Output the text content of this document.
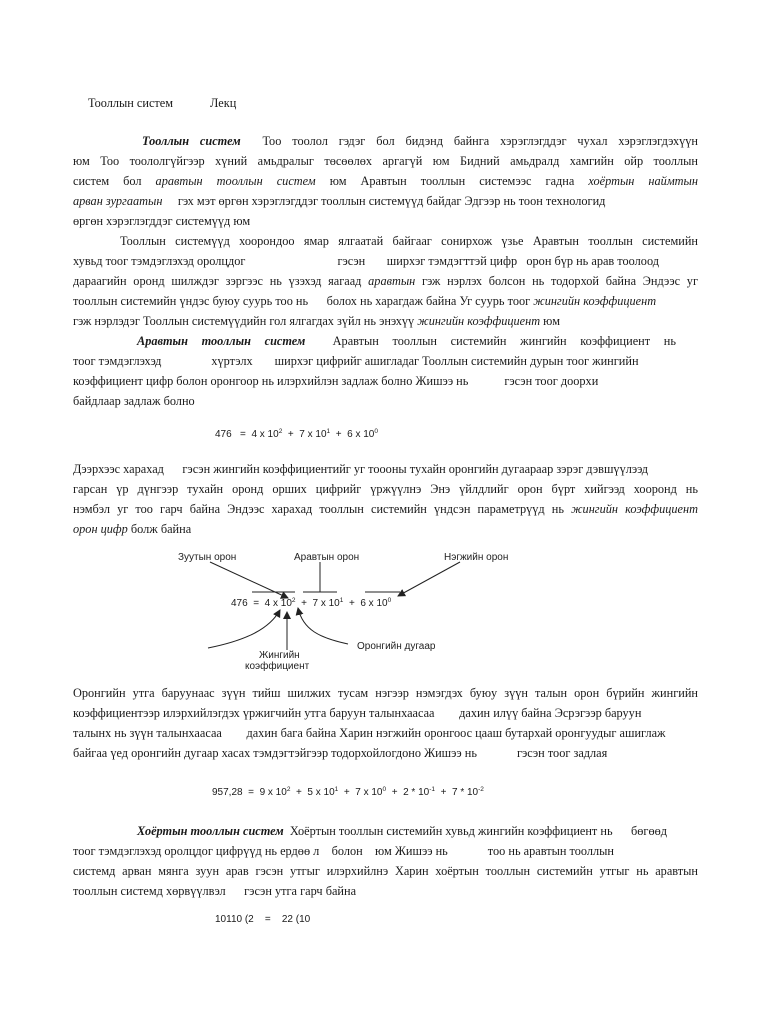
Тооллын систем	Лекц
Тооллын систем Тоо тоолол гэдэг бол бидэнд байнга хэрэглэгддэг чухал хэрэглэгдэхүүн
юм Тоо тоололгүйгээр хүний амьдралыг төсөөлөх аргагүй юм Бидний амьдралд хамгийн ойр тооллын
систем бол аравтын тооллын систем юм Аравтын тооллын системээс гадна хоёртын наймтын
арван зургаатын гэх мэт өргөн хэрэглэгддэг тооллын системүүд байдаг Эдгээр нь тоон технологид
өргөн хэрэглэгддэг системүүд юм
Тооллын системүүд хоорондоо ямар ялгаатай байгааг сонирхож үзье Аравтын тооллын системийн
хувьд тоог тэмдэглэхэд оролцдог	гэсэн ширхэг тэмдэгттэй цифр орон бүр нь арав тоолоод
дараагийн оронд шилждэг зэргээс нь үзэхэд яагаад аравтын гэж нэрлэх болсон нь тодорхой байна Эндээс уг
тооллын системийн үндэс буюу суурь тоо нь болох нь харагдаж байна Уг суурь тоог жингийн коэффициент
гэж нэрлэдэг Тооллын системүүдийн гол ялгагдах зүйл нь энэхүү жингийн коэффициент юм
Аравтын тооллын систем Аравтын тооллын системийн жингийн коэффициент нь
тоог тэмдэглэхэд	хүртэлх ширхэг цифрийг ашигладаг Тооллын системийн дурын тоог жингийн
коэффициент цифр болон оронгоор нь илэрхийлэн задлаж болно Жишээ нь	гэсэн тоог доорхи
байдлаар задлаж болно
476 = 4 x $10^2 + 7$ x $10^1 + 6$ x $10^0$
Дээрхээс харахад гэсэн жингийн коэффициентийг уг тоооны тухайн оронгийн дугаараар зэрэг дэвшүүлээд
гарсан үр дүнгээр тухайн оронд орших цифрийг үржүүлнэ Энэ үйлдлийг орон бүрт хийгээд хооронд нь
нэмбэл уг тоо гарч байна Эндээс харахад тооллын системийн үндсэн параметрүүд нь жингийн коэффициент
орон цифр болж байна
Зуутын орон	Аравтын орон	Нэгжийн орон
476 = 4 x $10^2 + 7$ x $10^1 + 6$ x $10^0$
Оронгийн дугаар
Жингийн
коэффициент
Оронгийн утга баруунаас зүүн тийш шилжих тусам нэгээр нэмэгдэх буюу зүүн талын орон бүрийн жингийн
коэффициентээр илэрхийлэгдэх үржигчийн утга баруун талынхаасаа дахин илүү байна Эсрэгээр баруун
талынх нь зүүн талынхаасаа дахин бага байна Харин нэгжийн оронгоос цааш бутархай оронгуудыг ашиглаж
байгаа үед оронгийн дугаар хасах тэмдэгтэйгээр тодорхойлогдоно Жишээ нь	гэсэн тоог задлая
957,28 = 9 x $10^2 + 5$ x $10^1 + 7$ x $10^0 + 2 * 10^{-1} + 7 * 10^{-2}$
Хоёртын тооллын систем Хоёртын тооллын системийн хувьд жингийн коэффициент нь бөгөөд
тоог тэмдэглэхэд оролцдог цифрүүд нь ердөө л болон юм Жишээ нь	тоо нь аравтын тооллын
системд арван мянга зуун арав гэсэн утгыг илэрхийлнэ Харин хоёртын тооллын системийн утгыг нь аравтын
тооллын системд хөрвүүлвэл гэсэн утга гарч байна
10110 (2 = 22 (10
